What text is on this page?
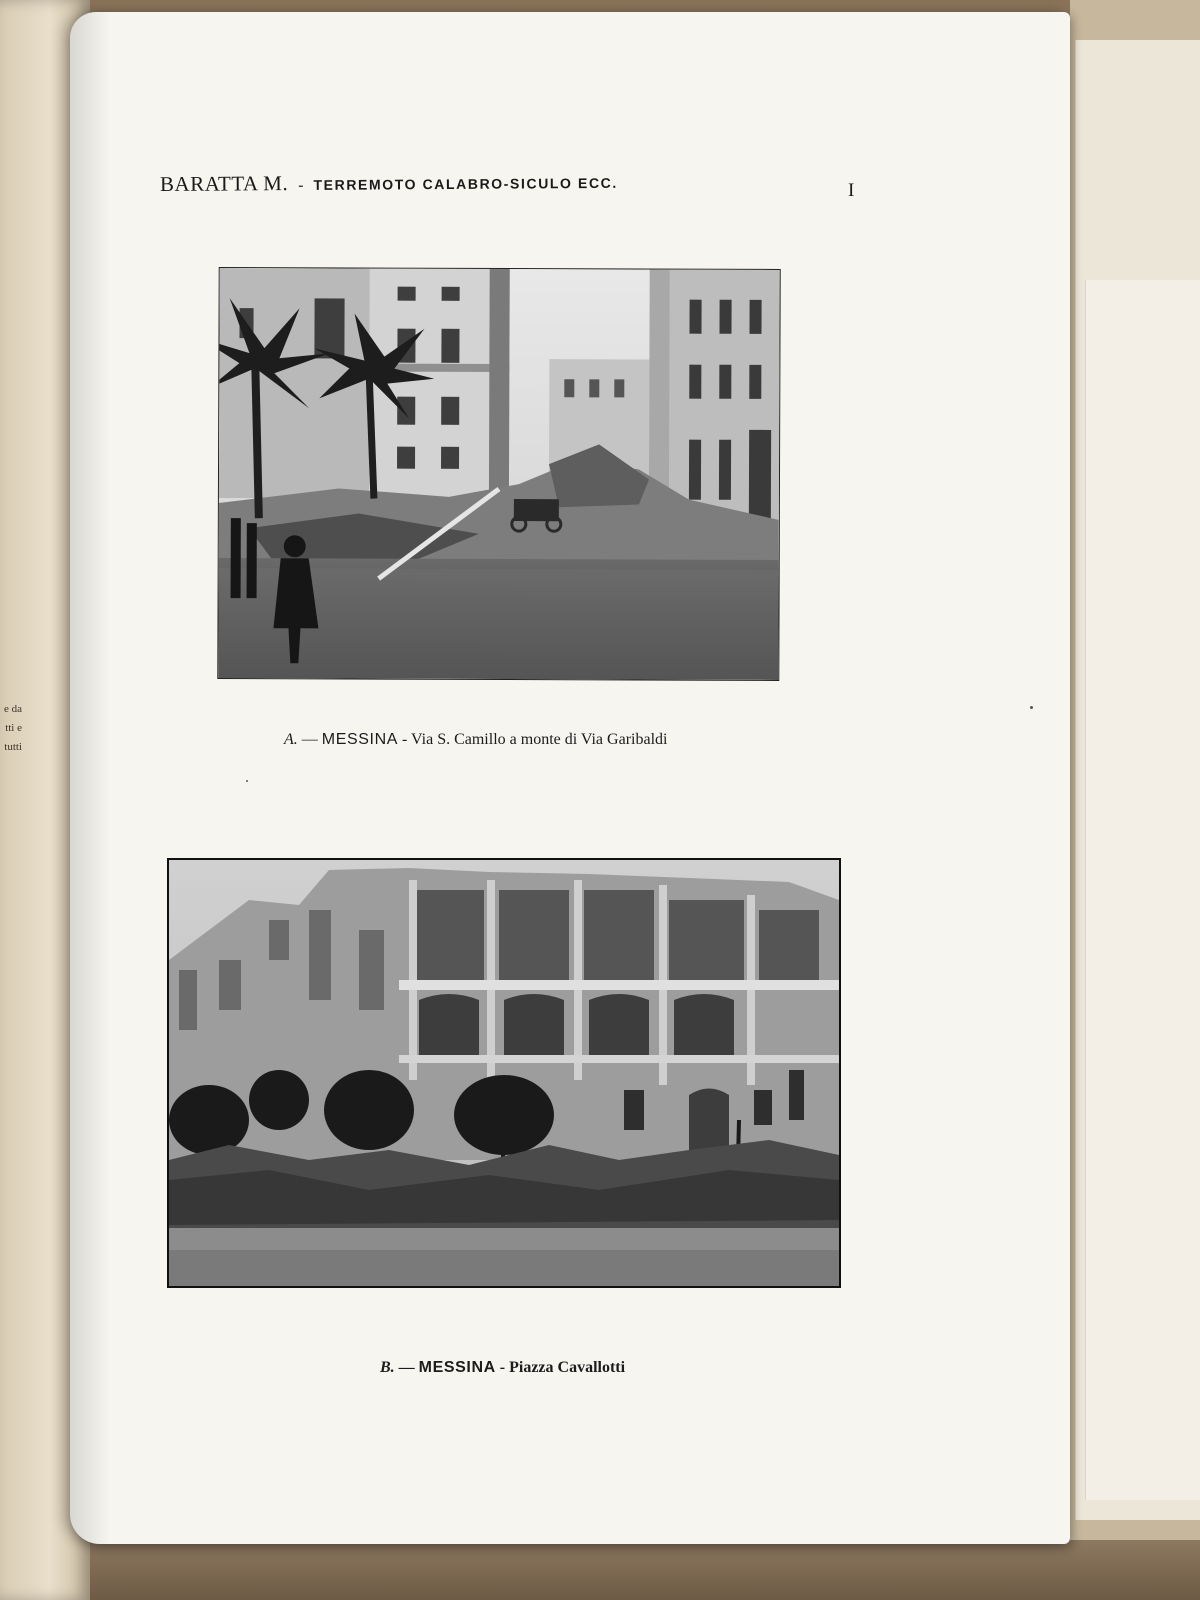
e da
tti e
tutti
BARATTA M. - TERREMOTO CALABRO-SICULO ECC.	I
A. — MESSINA - Via S. Camillo a monte di Via Garibaldi
B. — MESSINA - Piazza Cavallotti
